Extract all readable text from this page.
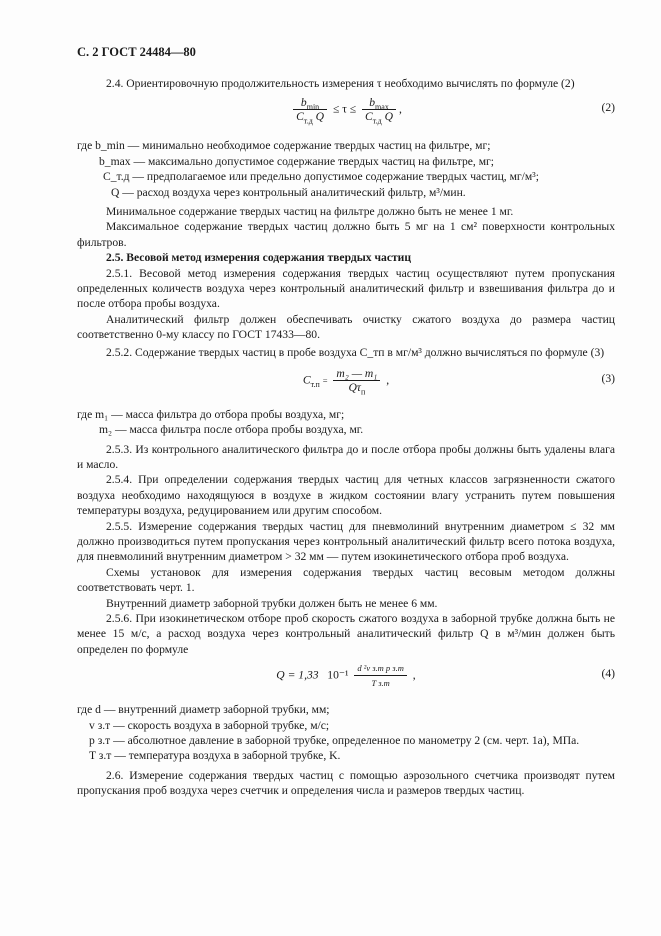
С. 2 ГОСТ 24484—80

2.4. Ориентировочную продолжительность измерения τ необходимо вычислять по формуле (2)

$\frac{b_{min}}{C_{т.д} Q} \le \tau \le \frac{b_{max}}{C_{т.д} Q}$ ,	(2)

где b_min — минимально необходимое содержание твердых частиц на фильтре, мг;

b_max — максимально допустимое содержание твердых частиц на фильтре, мг;

C_т.д — предполагаемое или предельно допустимое содержание твердых частиц, мг/м³;

Q — расход воздуха через контрольный аналитический фильтр, м³/мин.

Минимальное содержание твердых частиц на фильтре должно быть не менее 1 мг.

Максимальное содержание твердых частиц должно быть 5 мг на 1 см² поверхности контрольных фильтров.

2.5. Весовой метод измерения содержания твердых частиц

2.5.1. Весовой метод измерения содержания твердых частиц осуществляют путем пропускания определенных количеств воздуха через контрольный аналитический фильтр и взвешивания фильтра до и после отбора пробы воздуха.

Аналитический фильтр должен обеспечивать очистку сжатого воздуха до размера частиц соответственно 0-му классу по ГОСТ 17433—80.

2.5.2. Содержание твердых частиц в пробе воздуха C_тп в мг/м³ должно вычисляться по формуле (3)

$C_{т.п} = \frac{\text{m₂ — m₁}}{Q\tau_п}$ ,	(3)

где m₁ — масса фильтра до отбора пробы воздуха, мг;

m₂ — масса фильтра после отбора пробы воздуха, мг.

2.5.3. Из контрольного аналитического фильтра до и после отбора пробы должны быть удалены влага и масло.

2.5.4. При определении содержания твердых частиц для четных классов загрязненности сжатого воздуха необходимо находящуюся в воздухе в жидком состоянии влагу устранить путем повышения температуры воздуха, редуцированием или другим способом.

2.5.5. Измерение содержания твердых частиц для пневмолиний внутренним диаметром ≤ 32 мм должно производиться путем пропускания через контрольный аналитический фильтр всего потока воздуха, для пневмолиний внутренним диаметром > 32 мм — путем изокинетического отбора проб воздуха.

Схемы установок для измерения содержания твердых частиц весовым методом должны соответствовать черт. 1.

Внутренний диаметр заборной трубки должен быть не менее 6 мм.

2.5.6. При изокинетическом отборе проб скорость сжатого воздуха в заборной трубке должна быть не менее 15 м/с, а расход воздуха через контрольный аналитический фильтр Q в м³/мин должен быть определен по формуле

Q = 1,33 $10^{-1} \frac{\text{d ²v з.т p з.т}}{\text{T з.т}}$ ,	(4)

где d — внутренний диаметр заборной трубки, мм;

v з.т — скорость воздуха в заборной трубке, м/с;

p з.т — абсолютное давление в заборной трубке, определенное по манометру 2 (см. черт. 1а), МПа.

T з.т — температура воздуха в заборной трубке, K.

2.6. Измерение содержания твердых частиц с помощью аэрозольного счетчика производят путем пропускания проб воздуха через счетчик и определения числа и размеров твердых частиц.
